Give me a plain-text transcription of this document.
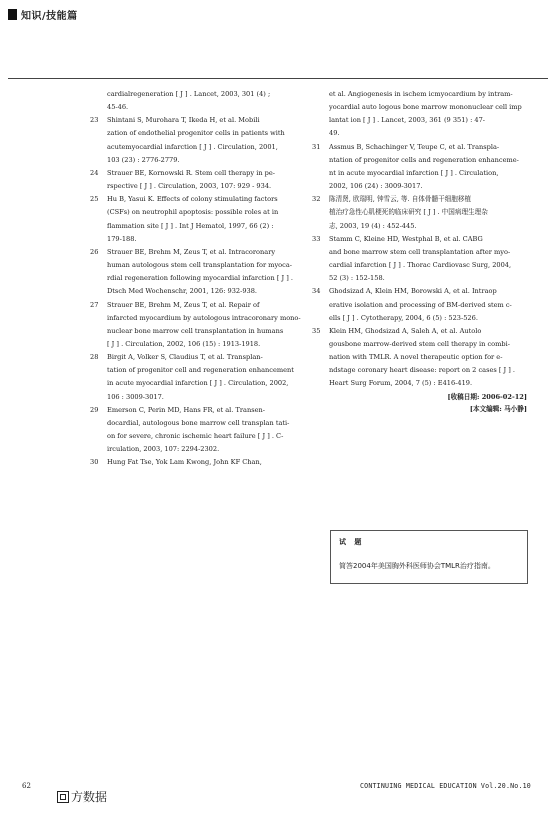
知识/技能篇
cardialregeneration [ J ] . Lancet, 2003, 301 (4) ;
45-46.
23 Shintani S, Murohara T, Ikeda H, et al. Mobili
zation of endothelial progenitor cells in patients with
acutemyocardial infarction [ J ] . Circulation, 2001,
103 (23) : 2776-2779.
24 Strauer BE, Kornowski R. Stem cell therapy in pe-
rspective [ J ] . Circulation, 2003, 107: 929 - 934.
25 Hu B, Yasui K. Effects of colony stimulating factors
(CSFs) on neutrophil apoptosis: possible roles at in
flammation site [ J ] . Int J Hematol, 1997, 66 (2) :
179-188.
26 Strauer BE, Brehm M, Zeus T, et al. Intracoronary
human autologous stem cell transplantation for myoca-
rdial regeneration following myocardial infarction [ J ] .
Dtsch Med Wochenschr, 2001, 126: 932-938.
27 Strauer BE, Brehm M, Zeus T, et al. Repair of
infarcted myocardium by autologous intracoronary mono-
nuclear bone marrow cell transplantation in humans
[ J ] . Circulation, 2002, 106 (15) : 1913-1918.
28 Birgit A, Volker S, Claudius T, et al. Transplan-
tation of progenitor cell and regeneration enhancement
in acute myocardial infarction [ J ] . Circulation, 2002,
106 : 3009-3017.
29 Emerson C, Perin MD, Hans FR, et al. Transen-
docardial, autologous bone marrow cell transplan tati-
on for severe, chronic ischemic heart failure [ J ] . C-
irculation, 2003, 107: 2294-2302.
30 Hung Fat Tse, Yok Lam Kwong, John KF Chan,
et al. Angiogenesis in ischem icmyocardium by intram-
yocardial auto logous bone marrow mononuclear cell imp
lantat ion [ J ] . Lancet, 2003, 361 (9 351) : 47-
49.
31 Assmus B, Schachinger V, Teupe C, et al. Transpla-
ntation of progenitor cells and regeneration enhanceme-
nt in acute myocardial infarction [ J ] . Circulation,
2002, 106 (24) : 3009-3017.
32 陈清贤, 欧瑞明, 钟雪云, 等. 自体骨髓干细胞移植
植治疗急性心肌梗死的临床研究 [ J ] . 中国病理生理杂
志, 2003, 19 (4) : 452-445.
33 Stamm C, Kleine HD, Westphal B, et al. CABG
and bone marrow stem cell transplantation after myo-
cardial infarction [ J ] . Thorac Cardiovasc Surg, 2004,
52 (3) : 152-158.
34 Ghodsizad A, Klein HM, Borowski A, et al. Intraop
erative isolation and processing of BM-derived stem c-
ells [ J ] . Cytotherapy, 2004, 6 (5) : 523-526.
35 Klein HM, Ghodsizad A, Saleh A, et al. Autolo
gousbone marrow-derived stem cell therapy in combi-
nation with TMLR. A novel therapeutic option for e-
ndstage coronary heart disease: report on 2 cases [ J ] .
Heart Surg Forum, 2004, 7 (5) : E416-419.
[收稿日期: 2006-02-12]
[本文编辑: 马小静]
试 题
简答2004年美国胸外科医师协会TMLR治疗指南。
62	CONTINUING MEDICAL EDUCATION Vol.20.No.10
方数据
